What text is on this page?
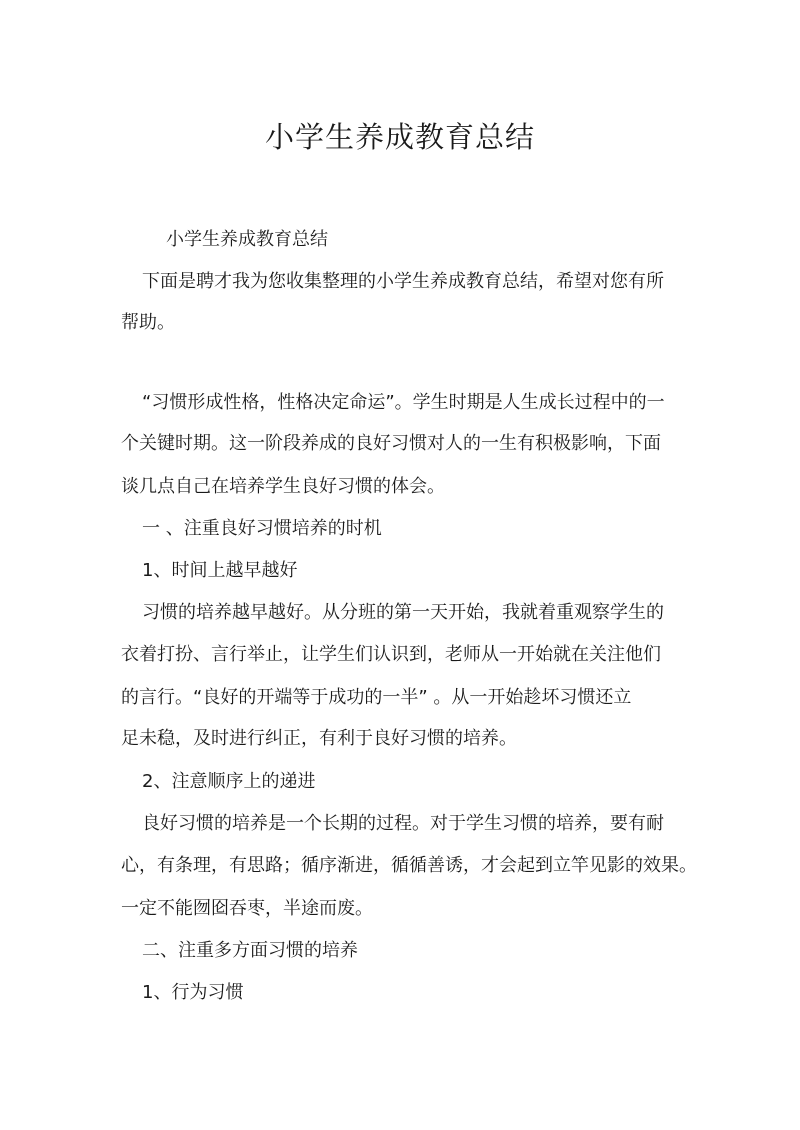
小学生养成教育总结

小学生养成教育总结

下面是聘才我为您收集整理的小学生养成教育总结，希望对您有所

帮助。

“习惯形成性格，性格决定命运”。学生时期是人生成长过程中的一

个关键时期。这一阶段养成的良好习惯对人的一生有积极影响，下面

谈几点自己在培养学生良好习惯的体会。

一 、注重良好习惯培养的时机

1、时间上越早越好

习惯的培养越早越好。从分班的第一天开始，我就着重观察学生的

衣着打扮、言行举止，让学生们认识到，老师从一开始就在关注他们

的言行。“良好的开端等于成功的一半” 。从一开始趁坏习惯还立

足未稳，及时进行纠正，有利于良好习惯的培养。

2、注意顺序上的递进

良好习惯的培养是一个长期的过程。对于学生习惯的培养，要有耐

心，有条理，有思路；循序渐进，循循善诱，才会起到立竿见影的效果。

一定不能囫囵吞枣，半途而废。

二、注重多方面习惯的培养

1、行为习惯
